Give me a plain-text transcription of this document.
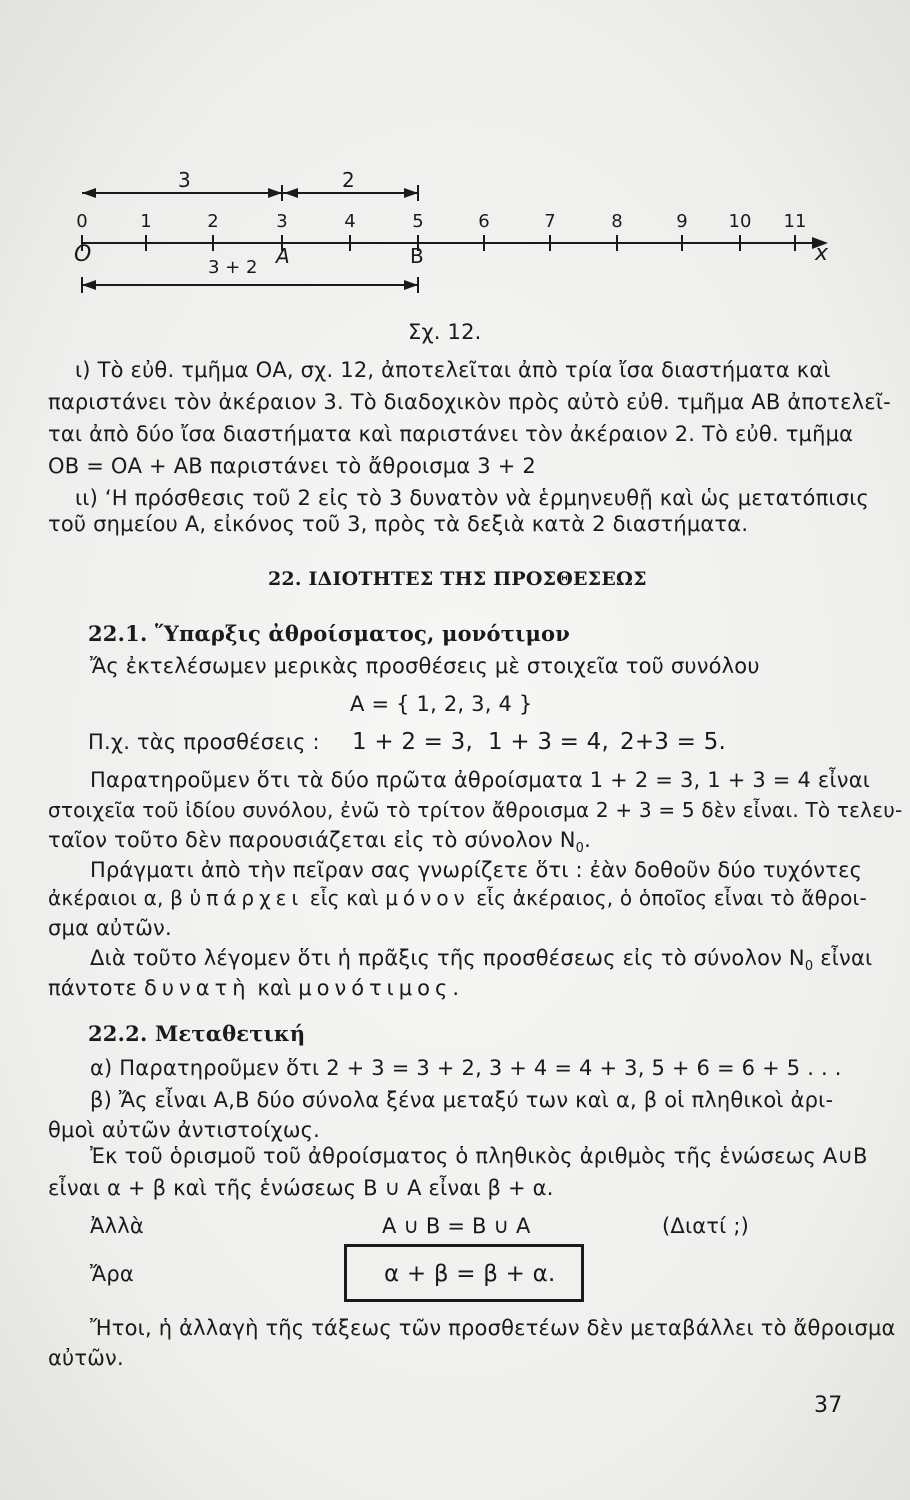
3	2
0	1	2	3	4	5	6	7	8	9 10 11
O	A	B	x
3 + 2
Σχ. 12.
ι) Τὸ εὐθ. τμῆμα ΟΑ, σχ. 12, ἀποτελεῖται ἀπὸ τρία ἴσα διαστήματα καὶ
παριστάνει τὸν ἀκέραιον 3. Τὸ διαδοχικὸν πρὸς αὐτὸ εὐθ. τμῆμα ΑΒ ἀποτελεῖ-
ται ἀπὸ δύο ἴσα διαστήματα καὶ παριστάνει τὸν ἀκέραιον 2. Τὸ εὐθ. τμῆμα
ΟΒ = ΟΑ + ΑΒ παριστάνει τὸ ἄθροισμα 3 + 2
ιι) ʻΗ πρόσθεσις τοῦ 2 εἰς τὸ 3 δυνατὸν νὰ ἑρμηνευθῇ καὶ ὡς μετατόπισις
τοῦ σημείου Α, εἰκόνος τοῦ 3, πρὸς τὰ δεξιὰ κατὰ 2 διαστήματα.
22. ΙΔΙΟΤΗΤΕΣ ΤΗΣ ΠΡΟΣΘΕΣΕΩΣ
22.1. Ὕπαρξις ἀθροίσματος, μονότιμον
Ἄς ἐκτελέσωμεν μερικὰς προσθέσεις μὲ στοιχεῖα τοῦ συνόλου
Α = { 1, 2, 3, 4 }
Π.χ. τὰς προσθέσεις : 1 + 2 = 3, 1 + 3 = 4, 2+3 = 5.
Παρατηροῦμεν ὅτι τὰ δύο πρῶτα ἀθροίσματα 1 + 2 = 3, 1 + 3 = 4 εἶναι
στοιχεῖα τοῦ ἰδίου συνόλου, ἐνῶ τὸ τρίτον ἄθροισμα 2 + 3 = 5 δὲν εἶναι. Τὸ τελευ-
ταῖον τοῦτο δὲν παρουσιάζεται εἰς τὸ σύνολον $N_0$.
Πράγματι ἀπὸ τὴν πεῖραν σας γνωρίζετε ὅτι : ἐὰν δοθοῦν δύο τυχόντες
ἀκέραιοι α, β ὑπάρχει εἷς καὶ μόνον εἷς ἀκέραιος, ὁ ὁποῖος εἶναι τὸ ἄθροι-
σμα αὐτῶν.
Διὰ τοῦτο λέγομεν ὅτι ἡ πρᾶξις τῆς προσθέσεως εἰς τὸ σύνολον $N_0$ εἶναι
πάντοτε δυνατὴ καὶ μονότιμος.
22.2. Μεταθετική
α) Παρατηροῦμεν ὅτι 2 + 3 = 3 + 2, 3 + 4 = 4 + 3, 5 + 6 = 6 + 5 . . .
β) Ἄς εἶναι Α,Β δύο σύνολα ξένα μεταξύ των καὶ α, β οἱ πληθικοὶ ἀρι-
θμοὶ αὐτῶν ἀντιστοίχως.
Ἐκ τοῦ ὁρισμοῦ τοῦ ἀθροίσματος ὁ πληθικὸς ἀριθμὸς τῆς ἑνώσεως Α∪Β
εἶναι α + β καὶ τῆς ἑνώσεως Β ∪ Α εἶναι β + α.
Ἀλλὰ	Α ∪ Β = Β ∪ Α	(Διατί ;)
Ἄρα	α + β = β + α.
Ἤτοι, ἡ ἀλλαγὴ τῆς τάξεως τῶν προσθετέων δὲν μεταβάλλει τὸ ἄθροισμα
αὐτῶν.
37
